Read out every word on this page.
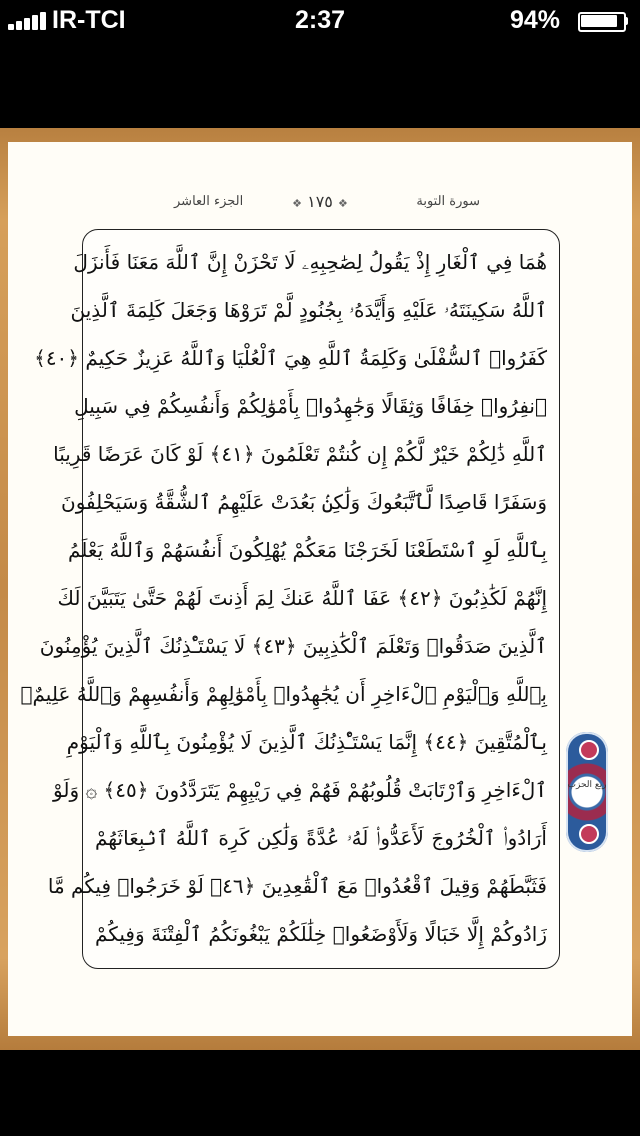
IR-TCI	2:37	94%
الجزء العاشر	❖ ١٧٥ ❖	سورة التوبة
هُمَا فِي ٱلْغَارِ إِذْ يَقُولُ لِصَٰحِبِهِۦ لَا تَحْزَنْ إِنَّ ٱللَّهَ مَعَنَا فَأَنزَلَ
ٱللَّهُ سَكِينَتَهُۥ عَلَيْهِ وَأَيَّدَهُۥ بِجُنُودٍ لَّمْ تَرَوْهَا وَجَعَلَ كَلِمَةَ ٱلَّذِينَ
كَفَرُوا۟ ٱلسُّفْلَىٰ وَكَلِمَةُ ٱللَّهِ هِيَ ٱلْعُلْيَا وَٱللَّهُ عَزِيزٌ حَكِيمٌ ﴿٤٠﴾
ٱنفِرُوا۟ خِفَافًا وَثِقَالًا وَجَٰهِدُوا۟ بِأَمْوَٰلِكُمْ وَأَنفُسِكُمْ فِي سَبِيلِ
ٱللَّهِ ذَٰلِكُمْ خَيْرٌ لَّكُمْ إِن كُنتُمْ تَعْلَمُونَ ﴿٤١﴾ لَوْ كَانَ عَرَضًا قَرِيبًا
وَسَفَرًا قَاصِدًا لَّٱتَّبَعُوكَ وَلَٰكِنۢ بَعُدَتْ عَلَيْهِمُ ٱلشُّقَّةُ وَسَيَحْلِفُونَ
بِٱللَّهِ لَوِ ٱسْتَطَعْنَا لَخَرَجْنَا مَعَكُمْ يُهْلِكُونَ أَنفُسَهُمْ وَٱللَّهُ يَعْلَمُ
إِنَّهُمْ لَكَٰذِبُونَ ﴿٤٢﴾ عَفَا ٱللَّهُ عَنكَ لِمَ أَذِنتَ لَهُمْ حَتَّىٰ يَتَبَيَّنَ لَكَ
ٱلَّذِينَ صَدَقُوا۟ وَتَعْلَمَ ٱلْكَٰذِبِينَ ﴿٤٣﴾ لَا يَسْتَـْٔذِنُكَ ٱلَّذِينَ يُؤْمِنُونَ
بِٱللَّهِ وَٱلْيَوْمِ ٱلْءَاخِرِ أَن يُجَٰهِدُوا۟ بِأَمْوَٰلِهِمْ وَأَنفُسِهِمْ وَٱللَّهُ عَلِيمٌۢ
بِٱلْمُتَّقِينَ ﴿٤٤﴾ إِنَّمَا يَسْتَـْٔذِنُكَ ٱلَّذِينَ لَا يُؤْمِنُونَ بِٱللَّهِ وَٱلْيَوْمِ
ٱلْءَاخِرِ وَٱرْتَابَتْ قُلُوبُهُمْ فَهُمْ فِي رَيْبِهِمْ يَتَرَدَّدُونَ ﴿٤٥﴾ ۞ وَلَوْ
أَرَادُوا۟ ٱلْخُرُوجَ لَأَعَدُّوا۟ لَهُۥ عُدَّةً وَلَٰكِن كَرِهَ ٱللَّهُ ٱنۢبِعَاثَهُمْ
فَثَبَّطَهُمْ وَقِيلَ ٱقْعُدُوا۟ مَعَ ٱلْقَٰعِدِينَ ﴿٤٦﴾ لَوْ خَرَجُوا۟ فِيكُم مَّا
زَادُوكُمْ إِلَّا خَبَالًا وَلَأَوْضَعُوا۟ خِلَٰلَكُمْ يَبْغُونَكُمُ ٱلْفِتْنَةَ وَفِيكُمْ
ربع الحزب
